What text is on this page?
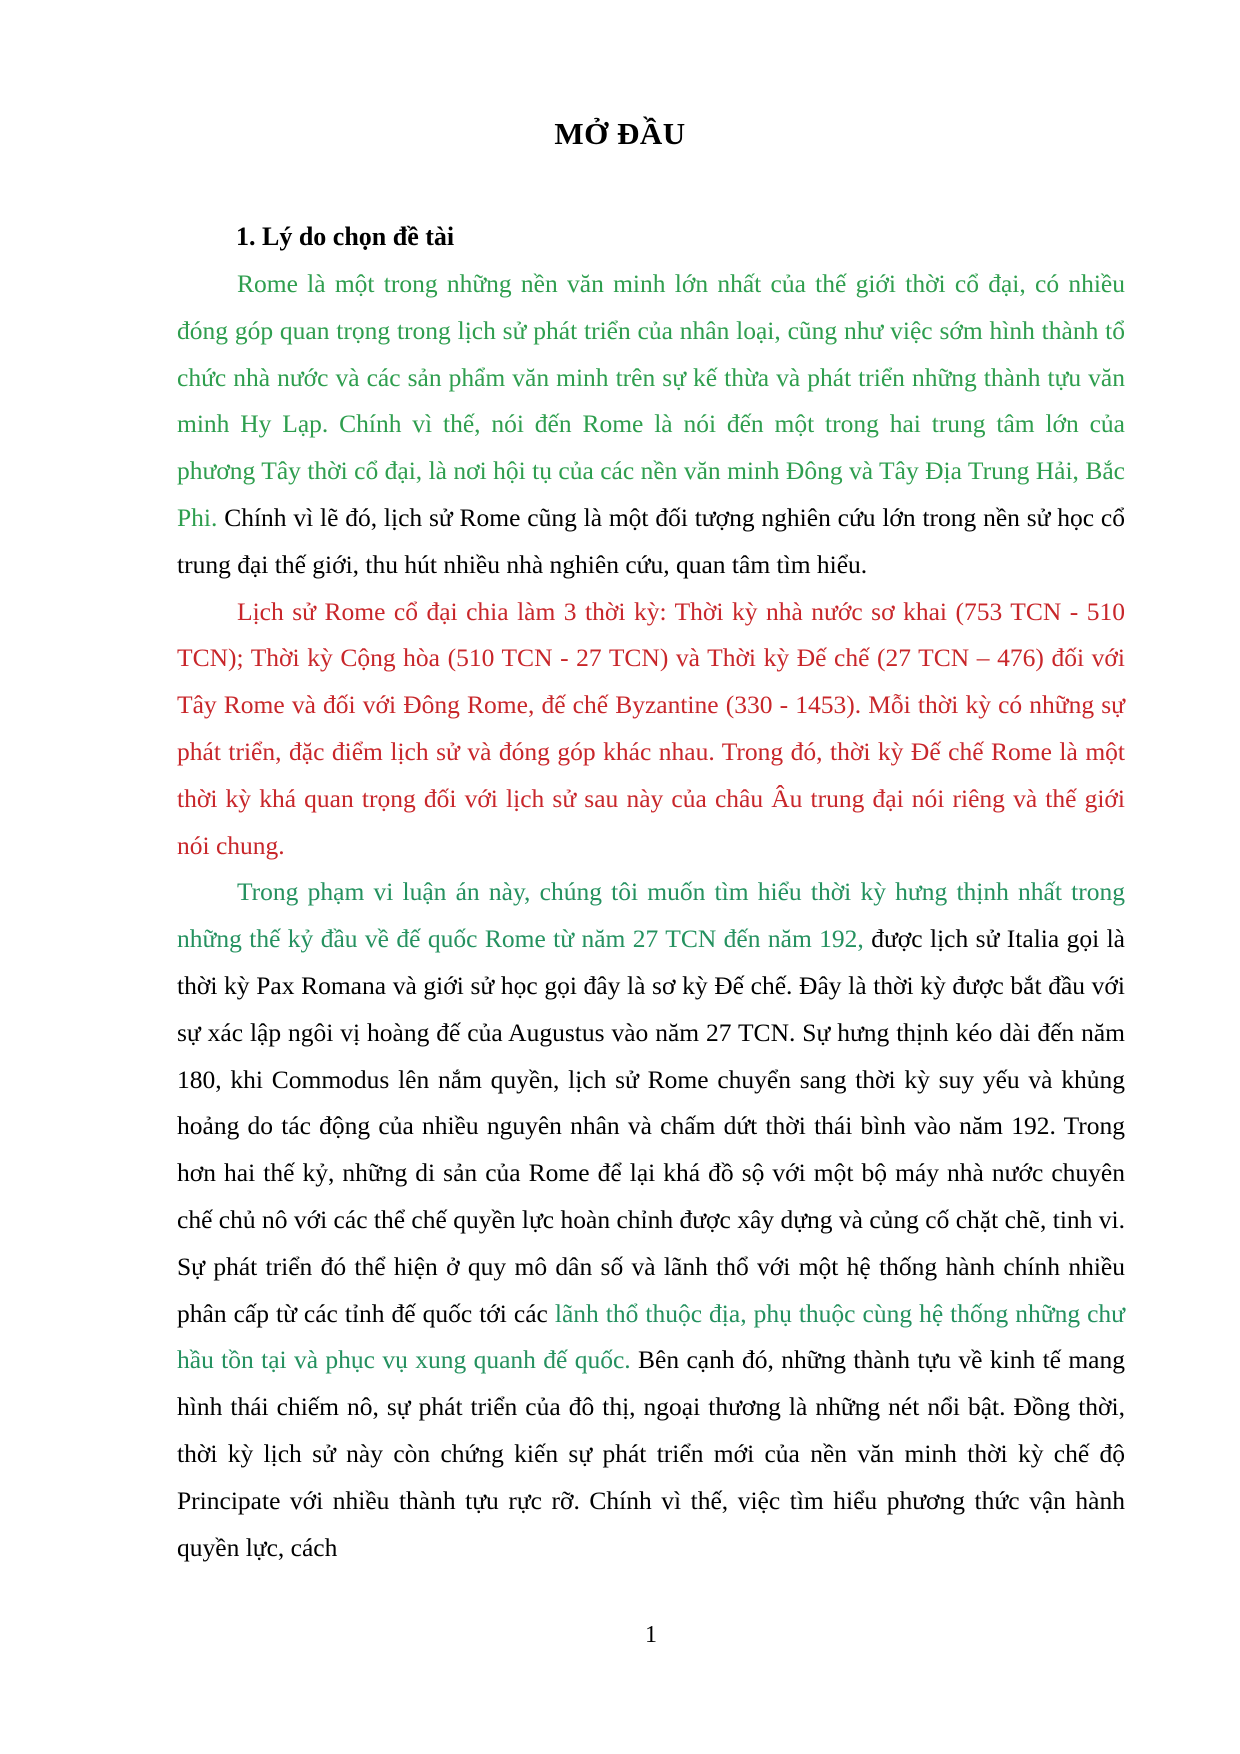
MỞ ĐẦU
1. Lý do chọn đề tài

Rome là một trong những nền văn minh lớn nhất của thế giới thời cổ đại, có nhiều đóng góp quan trọng trong lịch sử phát triển của nhân loại, cũng như việc sớm hình thành tổ chức nhà nước và các sản phẩm văn minh trên sự kế thừa và phát triển những thành tựu văn minh Hy Lạp. Chính vì thế, nói đến Rome là nói đến một trong hai trung tâm lớn của phương Tây thời cổ đại, là nơi hội tụ của các nền văn minh Đông và Tây Địa Trung Hải, Bắc Phi. Chính vì lẽ đó, lịch sử Rome cũng là một đối tượng nghiên cứu lớn trong nền sử học cổ trung đại thế giới, thu hút nhiều nhà nghiên cứu, quan tâm tìm hiểu.

Lịch sử Rome cổ đại chia làm 3 thời kỳ: Thời kỳ nhà nước sơ khai (753 TCN - 510 TCN); Thời kỳ Cộng hòa (510 TCN - 27 TCN) và Thời kỳ Đế chế (27 TCN – 476) đối với Tây Rome và đối với Đông Rome, đế chế Byzantine (330 - 1453). Mỗi thời kỳ có những sự phát triển, đặc điểm lịch sử và đóng góp khác nhau. Trong đó, thời kỳ Đế chế Rome là một thời kỳ khá quan trọng đối với lịch sử sau này của châu Âu trung đại nói riêng và thế giới nói chung.

Trong phạm vi luận án này, chúng tôi muốn tìm hiểu thời kỳ hưng thịnh nhất trong những thế kỷ đầu về đế quốc Rome từ năm 27 TCN đến năm 192, được lịch sử Italia gọi là thời kỳ Pax Romana và giới sử học gọi đây là sơ kỳ Đế chế. Đây là thời kỳ được bắt đầu với sự xác lập ngôi vị hoàng đế của Augustus vào năm 27 TCN. Sự hưng thịnh kéo dài đến năm 180, khi Commodus lên nắm quyền, lịch sử Rome chuyển sang thời kỳ suy yếu và khủng hoảng do tác động của nhiều nguyên nhân và chấm dứt thời thái bình vào năm 192. Trong hơn hai thế kỷ, những di sản của Rome để lại khá đồ sộ với một bộ máy nhà nước chuyên chế chủ nô với các thể chế quyền lực hoàn chỉnh được xây dựng và củng cố chặt chẽ, tinh vi. Sự phát triển đó thể hiện ở quy mô dân số và lãnh thổ với một hệ thống hành chính nhiều phân cấp từ các tỉnh đế quốc tới các lãnh thổ thuộc địa, phụ thuộc cùng hệ thống những chư hầu tồn tại và phục vụ xung quanh đế quốc. Bên cạnh đó, những thành tựu về kinh tế mang hình thái chiếm nô, sự phát triển của đô thị, ngoại thương là những nét nổi bật. Đồng thời, thời kỳ lịch sử này còn chứng kiến sự phát triển mới của nền văn minh thời kỳ chế độ Principate với nhiều thành tựu rực rỡ. Chính vì thế, việc tìm hiểu phương thức vận hành quyền lực, cách

1
